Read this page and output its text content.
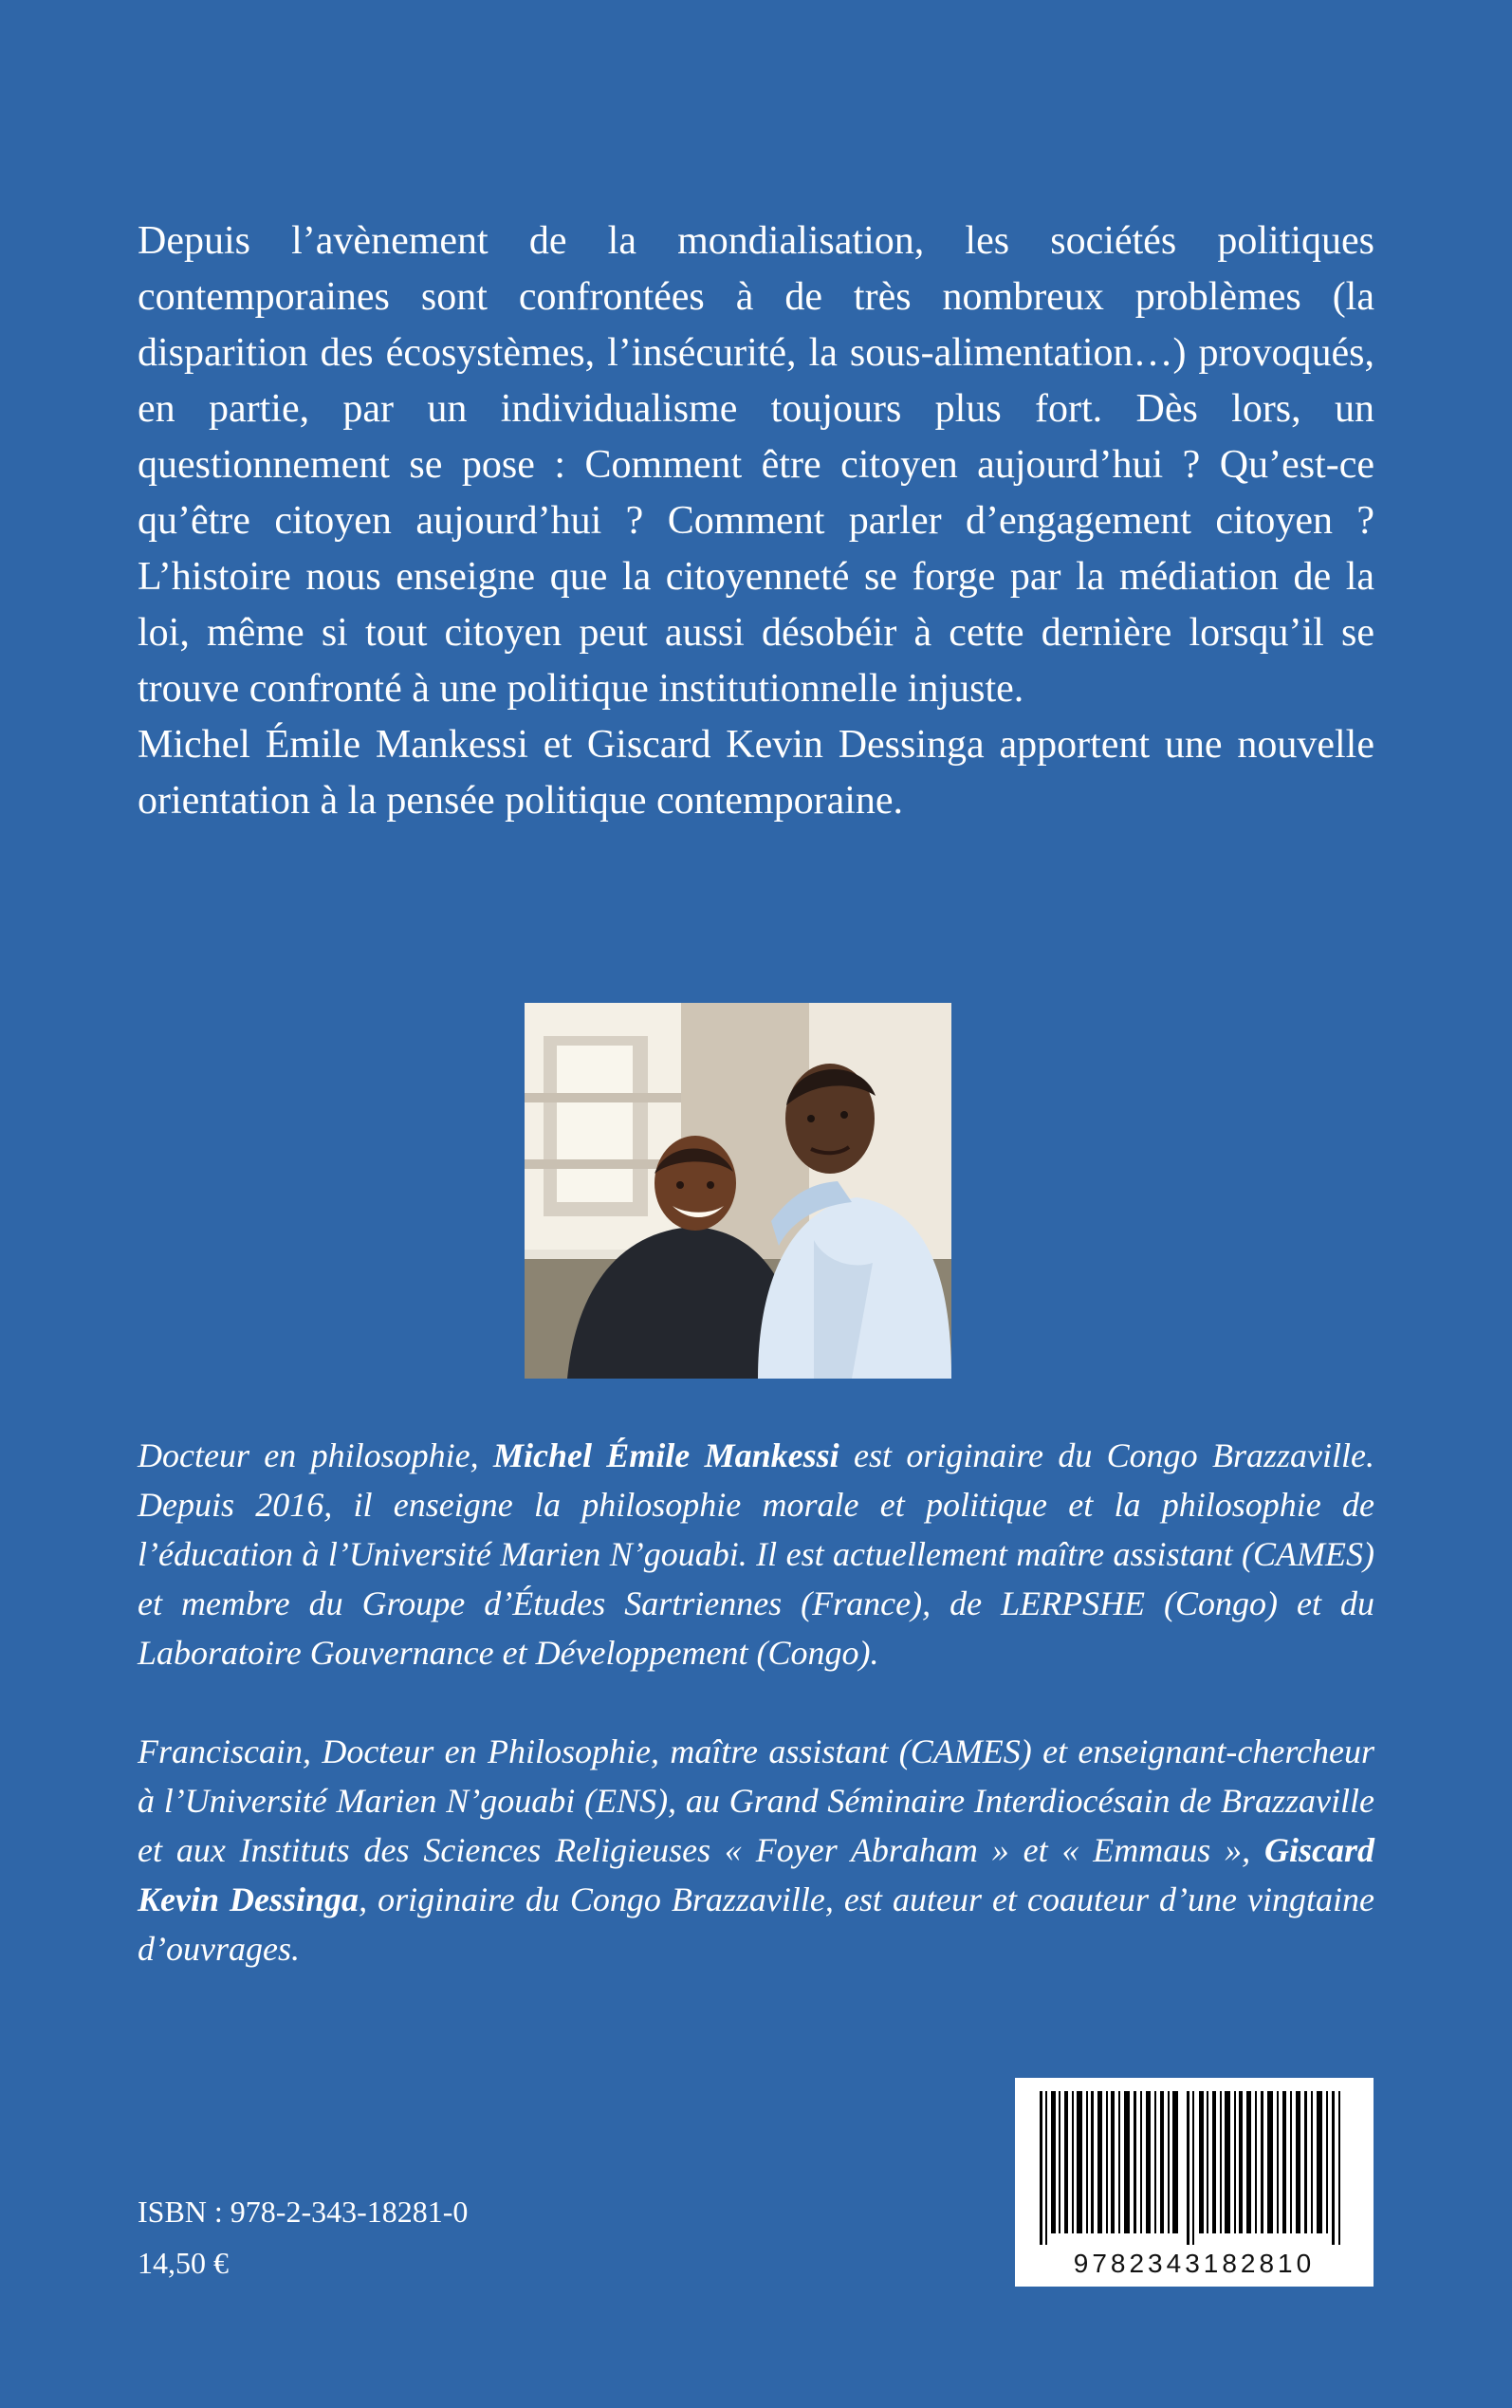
Depuis l’avènement de la mondialisation, les sociétés politiques contemporaines sont confrontées à de très nombreux problèmes (la disparition des écosystèmes, l’insécurité, la sous-alimentation…) provoqués, en partie, par un individualisme toujours plus fort. Dès lors, un questionnement se pose : Comment être citoyen aujourd’hui ? Qu’est-ce qu’être citoyen aujourd’hui ? Comment parler d’engagement citoyen ? L’histoire nous enseigne que la citoyenneté se forge par la médiation de la loi, même si tout citoyen peut aussi désobéir à cette dernière lorsqu’il se trouve confronté à une politique institutionnelle injuste.

Michel Émile Mankessi et Giscard Kevin Dessinga apportent une nouvelle orientation à la pensée politique contemporaine.

Docteur en philosophie, Michel Émile Mankessi est originaire du Congo Brazzaville. Depuis 2016, il enseigne la philosophie morale et politique et la philosophie de l’éducation à l’Université Marien N’gouabi. Il est actuellement maître assistant (CAMES) et membre du Groupe d’Études Sartriennes (France), de LERPSHE (Congo) et du Laboratoire Gouvernance et Développement (Congo).

Franciscain, Docteur en Philosophie, maître assistant (CAMES) et enseignant-chercheur à l’Université Marien N’gouabi (ENS), au Grand Séminaire Interdiocésain de Brazzaville et aux Instituts des Sciences Religieuses « Foyer Abraham » et « Emmaus », Giscard Kevin Dessinga, originaire du Congo Brazzaville, est auteur et coauteur d’une vingtaine d’ouvrages.

ISBN : 978-2-343-18281-0
14,50 €	9782343182810
